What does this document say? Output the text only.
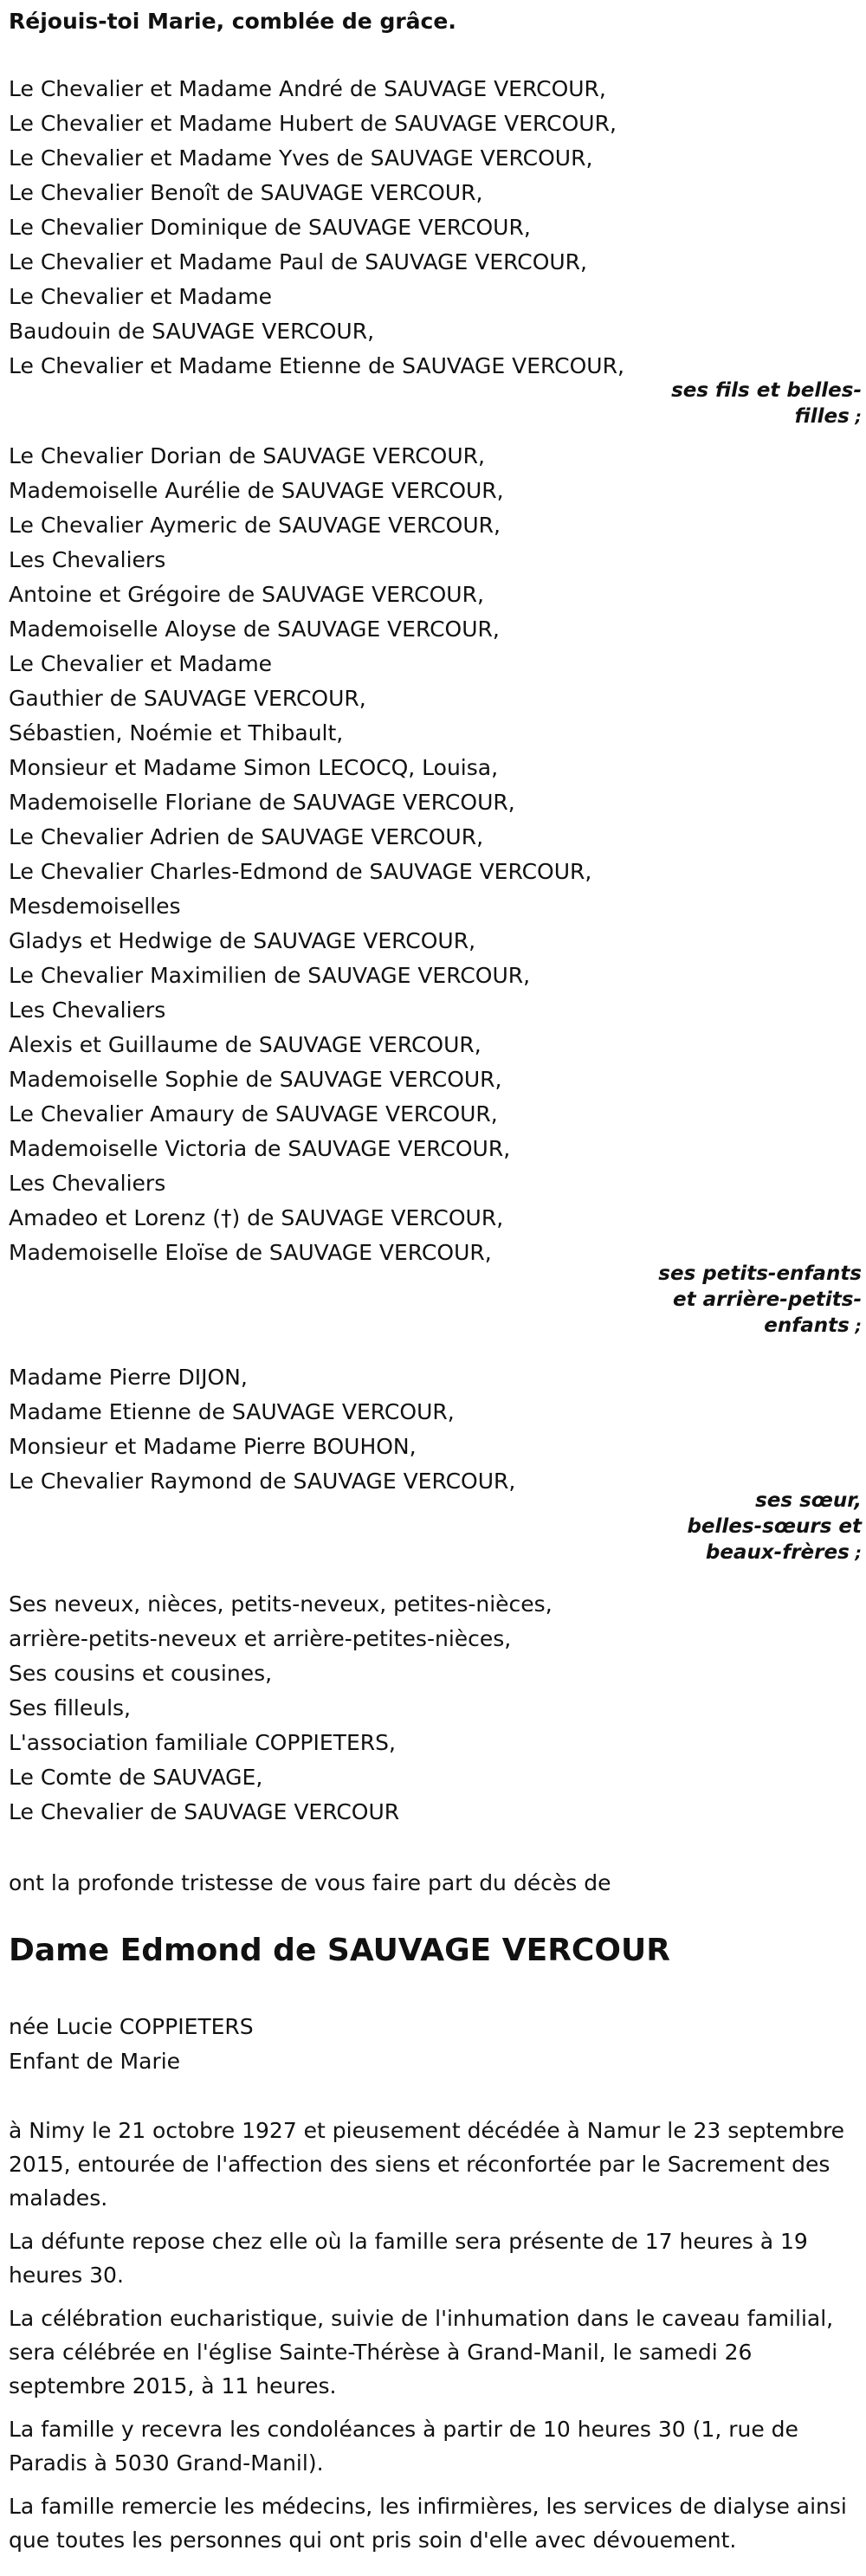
Réjouis-toi Marie, comblée de grâce.
Le Chevalier et Madame André de SAUVAGE VERCOUR,
Le Chevalier et Madame Hubert de SAUVAGE VERCOUR,
Le Chevalier et Madame Yves de SAUVAGE VERCOUR,
Le Chevalier Benoît de SAUVAGE VERCOUR,
Le Chevalier Dominique de SAUVAGE VERCOUR,
Le Chevalier et Madame Paul de SAUVAGE VERCOUR,
Le Chevalier et Madame
Baudouin de SAUVAGE VERCOUR,
Le Chevalier et Madame Etienne de SAUVAGE VERCOUR,
ses fils et belles-
filles ;
Le Chevalier Dorian de SAUVAGE VERCOUR,
Mademoiselle Aurélie de SAUVAGE VERCOUR,
Le Chevalier Aymeric de SAUVAGE VERCOUR,
Les Chevaliers
Antoine et Grégoire de SAUVAGE VERCOUR,
Mademoiselle Aloyse de SAUVAGE VERCOUR,
Le Chevalier et Madame
Gauthier de SAUVAGE VERCOUR,
Sébastien, Noémie et Thibault,
Monsieur et Madame Simon LECOCQ, Louisa,
Mademoiselle Floriane de SAUVAGE VERCOUR,
Le Chevalier Adrien de SAUVAGE VERCOUR,
Le Chevalier Charles-Edmond de SAUVAGE VERCOUR,
Mesdemoiselles
Gladys et Hedwige de SAUVAGE VERCOUR,
Le Chevalier Maximilien de SAUVAGE VERCOUR,
Les Chevaliers
Alexis et Guillaume de SAUVAGE VERCOUR,
Mademoiselle Sophie de SAUVAGE VERCOUR,
Le Chevalier Amaury de SAUVAGE VERCOUR,
Mademoiselle Victoria de SAUVAGE VERCOUR,
Les Chevaliers
Amadeo et Lorenz (†) de SAUVAGE VERCOUR,
Mademoiselle Eloïse de SAUVAGE VERCOUR,
ses petits-enfants
et arrière-petits-
enfants ;
Madame Pierre DIJON,
Madame Etienne de SAUVAGE VERCOUR,
Monsieur et Madame Pierre BOUHON,
Le Chevalier Raymond de SAUVAGE VERCOUR,
ses sœur,
belles-sœurs et
beaux-frères ;
Ses neveux, nièces, petits-neveux, petites-nièces,
arrière-petits-neveux et arrière-petites-nièces,
Ses cousins et cousines,
Ses filleuls,
L'association familiale COPPIETERS,
Le Comte de SAUVAGE,
Le Chevalier de SAUVAGE VERCOUR
ont la profonde tristesse de vous faire part du décès de
Dame Edmond de SAUVAGE VERCOUR
née Lucie COPPIETERS
Enfant de Marie
à Nimy le 21 octobre 1927 et pieusement décédée à Namur le 23 septembre 2015, entourée de l'affection des siens et réconfortée par le Sacrement des malades.
La défunte repose chez elle où la famille sera présente de 17 heures à 19 heures 30.
La célébration eucharistique, suivie de l'inhumation dans le caveau familial, sera célébrée en l'église Sainte-Thérèse à Grand-Manil, le samedi 26 septembre 2015, à 11 heures.
La famille y recevra les condoléances à partir de 10 heures 30 (1, rue de Paradis à 5030 Grand-Manil).
La famille remercie les médecins, les infirmières, les services de dialyse ainsi que toutes les personnes qui ont pris soin d'elle avec dévouement.
